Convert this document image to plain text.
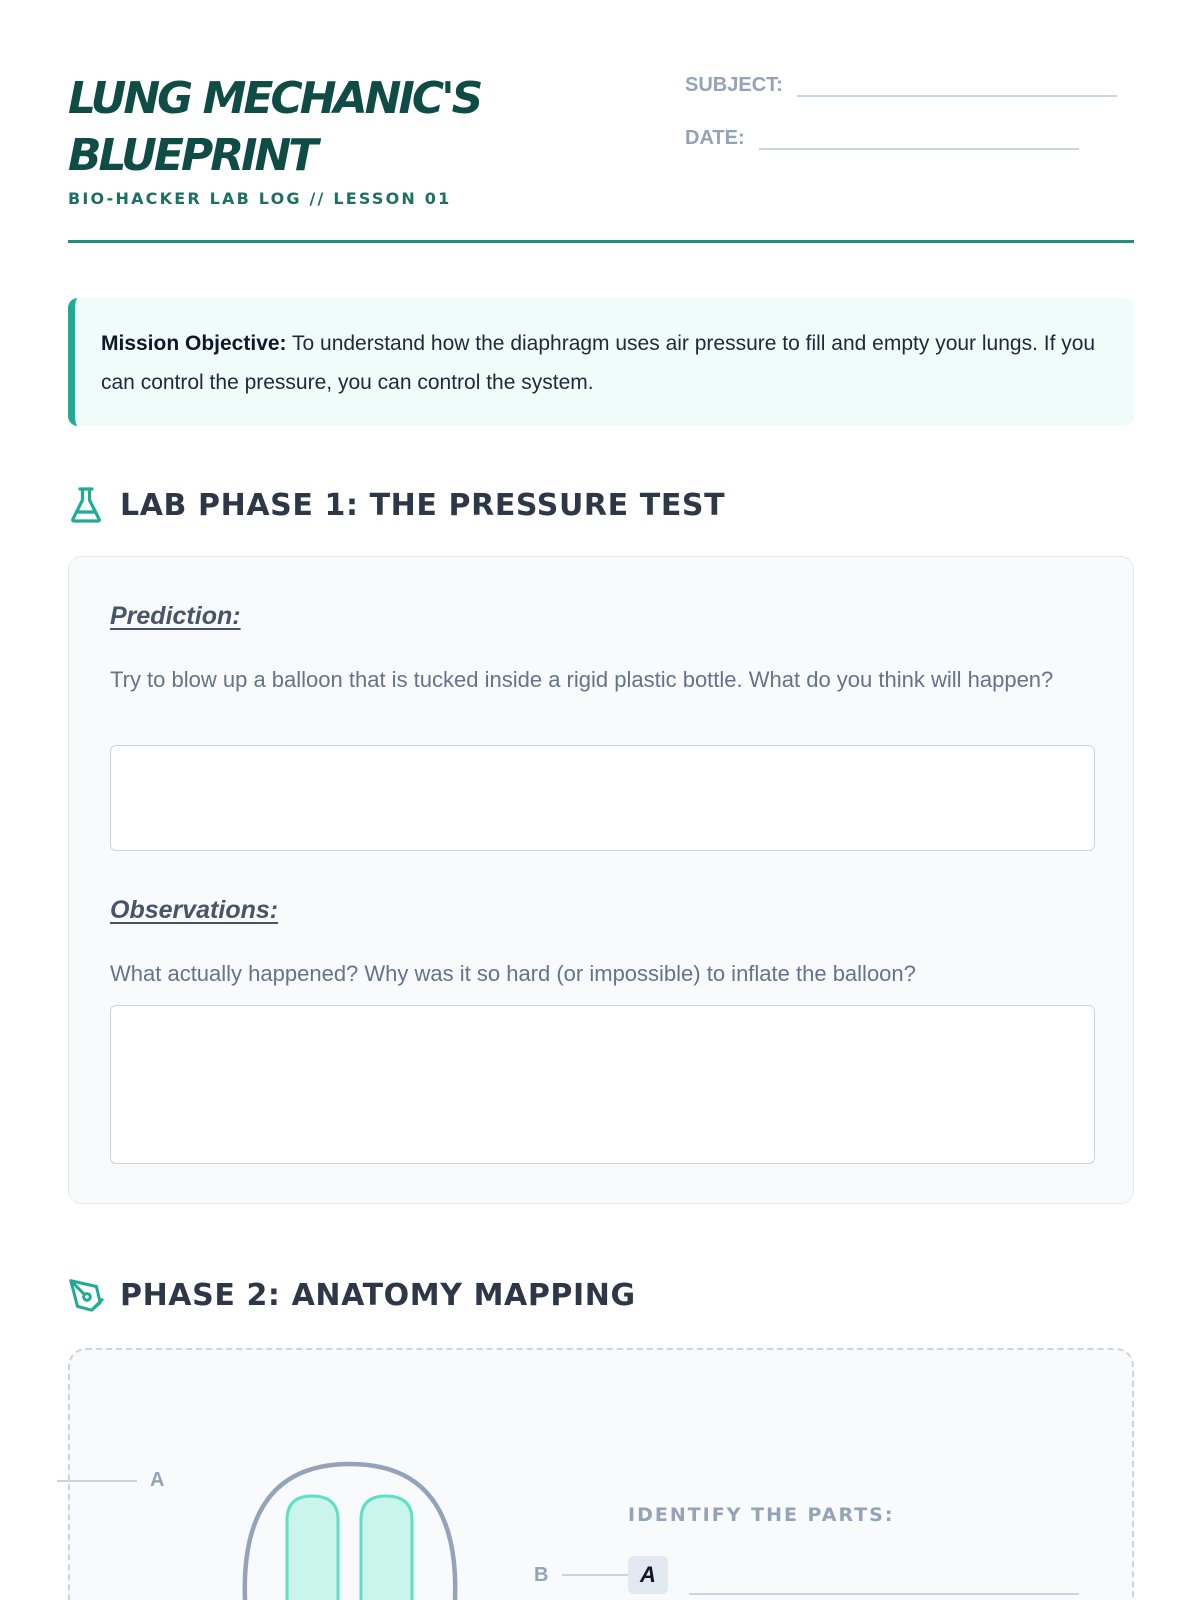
LUNG MECHANIC'S
BLUEPRINT
BIO-HACKER LAB LOG // LESSON 01
SUBJECT:
DATE:
Mission Objective: To understand how the diaphragm uses air pressure to fill and empty your lungs. If you can control the pressure, you can control the system.
LAB PHASE 1: THE PRESSURE TEST
Prediction:
Try to blow up a balloon that is tucked inside a rigid plastic bottle. What do you think will happen?
Observations:
What actually happened? Why was it so hard (or impossible) to inflate the balloon?
PHASE 2: ANATOMY MAPPING
A
IDENTIFY THE PARTS:
B	A
